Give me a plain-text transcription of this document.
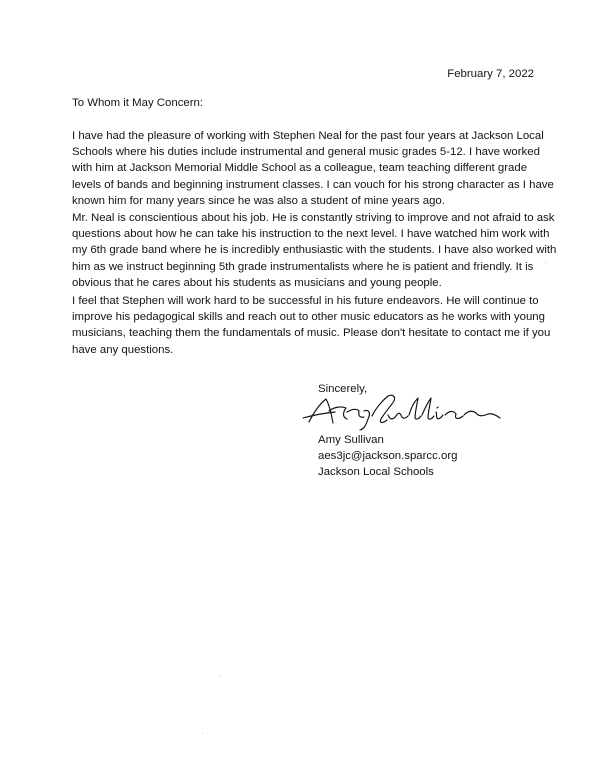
February 7, 2022
To Whom it May Concern:
I have had the pleasure of working with Stephen Neal for the past four years at Jackson Local
Schools where his duties include instrumental and general music grades 5-12. I have worked
with him at Jackson Memorial Middle School as a colleague, team teaching different grade
levels of bands and beginning instrument classes. I can vouch for his strong character as I have
known him for many years since he was also a student of mine years ago.
Mr. Neal is conscientious about his job. He is constantly striving to improve and not afraid to ask
questions about how he can take his instruction to the next level. I have watched him work with
my 6th grade band where he is incredibly enthusiastic with the students. I have also worked with
him as we instruct beginning 5th grade instrumentalists where he is patient and friendly. It is
obvious that he cares about his students as musicians and young people.
I feel that Stephen will work hard to be successful in his future endeavors. He will continue to
improve his pedagogical skills and reach out to other music educators as he works with young
musicians, teaching them the fundamentals of music. Please don't hesitate to contact me if you
have any questions.
Sincerely,
Amy Sullivan
aes3jc@jackson.sparcc.org
Jackson Local Schools
